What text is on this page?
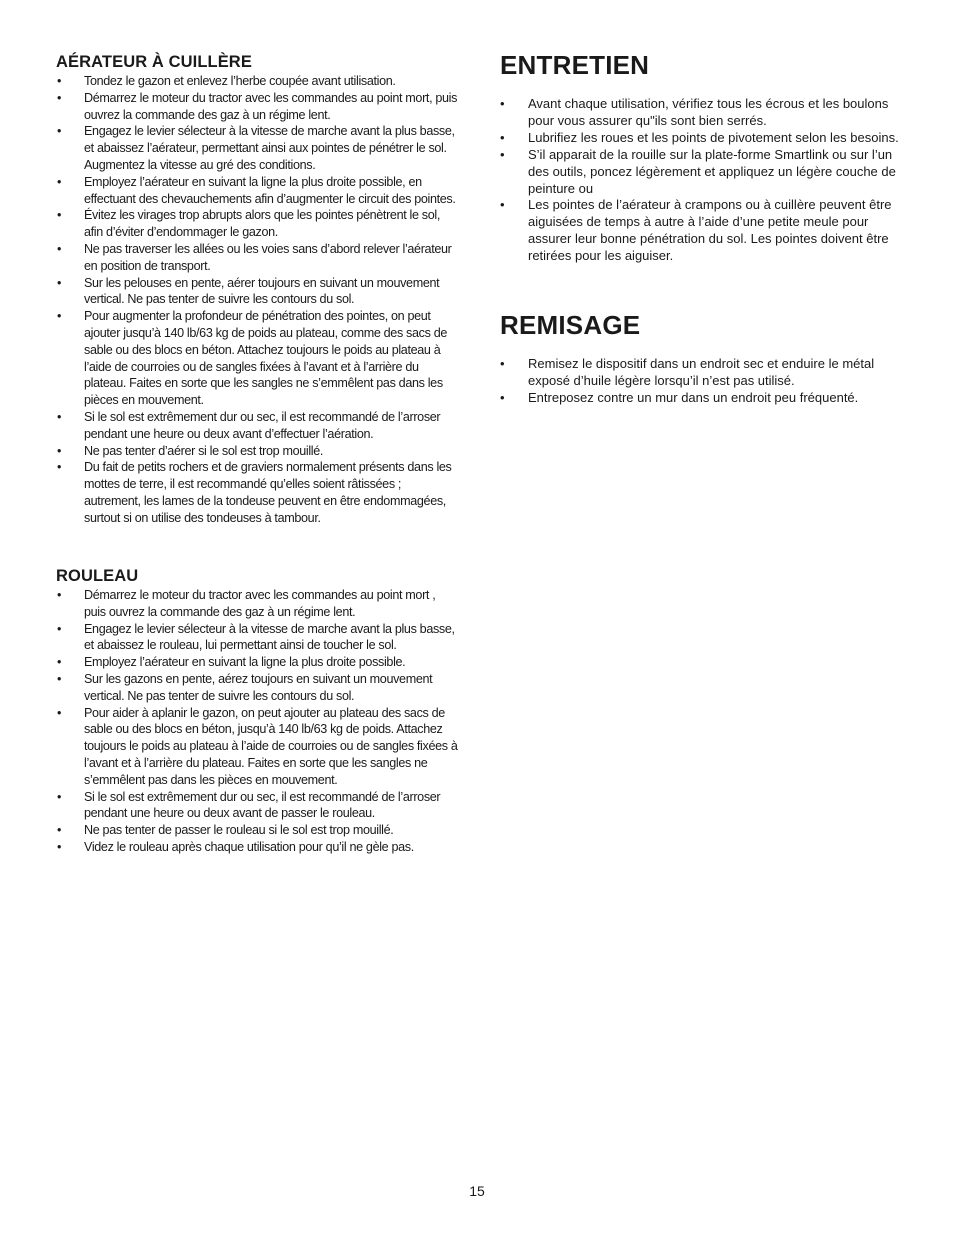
AÉRATEUR À CUILLÈRE
• Tondez le gazon et enlevez l’herbe coupée avant utilisation.
• Démarrez le moteur du tractor avec les commandes au point mort, puis ouvrez la commande des gaz à un régime lent.
• Engagez le levier sélecteur à la vitesse de marche avant la plus basse, et abaissez l’aérateur, permettant ainsi aux pointes de pénétrer le sol. Augmentez la vitesse au gré des conditions.
• Employez l’aérateur en suivant la ligne la plus droite possible, en effectuant des chevauchements afin d’augmenter le circuit des pointes.
• Évitez les virages trop abrupts alors que les pointes pénètrent le sol, afin d’éviter d’endommager le gazon.
• Ne pas traverser les allées ou les voies sans d’abord relever l’aérateur en position de transport.
• Sur les pelouses en pente, aérer toujours en suivant un mouvement vertical. Ne pas tenter de suivre les contours du sol.
• Pour augmenter la profondeur de pénétration des pointes, on peut ajouter jusqu’à 140 lb/63 kg de poids au plateau, comme des sacs de sable ou des blocs en béton. Attachez toujours le poids au plateau à l’aide de courroies ou de sangles fixées à l’avant et à l’arrière du plateau. Faites en sorte que les sangles ne s’emmêlent pas dans les pièces en mouvement.
• Si le sol est extrêmement dur ou sec, il est recommandé de l’arroser pendant une heure ou deux avant d’effectuer l’aération.
• Ne pas tenter d’aérer si le sol est trop mouillé.
• Du fait de petits rochers et de graviers normalement présents dans les mottes de terre, il est recommandé qu’elles soient râtissées ; autrement, les lames de la tondeuse peuvent en être endommagées, surtout si on utilise des tondeuses à tambour.
ROULEAU
• Démarrez le moteur du tractor avec les commandes au point mort , puis ouvrez la commande des gaz à un régime lent.
• Engagez le levier sélecteur à la vitesse de marche avant la plus basse, et abaissez le rouleau, lui permettant ainsi de toucher le sol.
• Employez l’aérateur en suivant la ligne la plus droite possible.
• Sur les gazons en pente, aérez toujours en suivant un mouvement vertical. Ne pas tenter de suivre les contours du sol.
• Pour aider à aplanir le gazon, on peut ajouter au plateau des sacs de sable ou des blocs en béton, jusqu’à 140 lb/63 kg de poids. Attachez toujours le poids au plateau à l’aide de courroies ou de sangles fixées à l’avant et à l’arrière du plateau. Faites en sorte que les sangles ne s’emmêlent pas dans les pièces en mouvement.
• Si le sol est extrêmement dur ou sec, il est recommandé de l’arroser pendant une heure ou deux avant de passer le rouleau.
• Ne pas tenter de passer le rouleau si le sol est trop mouillé.
• Videz le rouleau après chaque utilisation pour qu’il ne gèle pas.
ENTRETIEN
• Avant chaque utilisation, vérifiez tous les écrous et les boulons pour vous assurer qu"ils sont bien serrés.
• Lubrifiez les roues et les points de pivotement selon les besoins.
• S’il apparait de la rouille sur la plate-forme Smartlink ou sur l’un des outils, poncez légèrement et appliquez un légère couche de peinture ou
• Les pointes de l’aérateur à crampons ou à cuillère peuvent être aiguisées de temps à autre à l’aide d’une petite meule pour assurer leur bonne pénétration du sol. Les pointes doivent être retirées pour les aiguiser.
REMISAGE
• Remisez le dispositif dans un endroit sec et enduire le métal exposé d’huile légère lorsqu’il n’est pas utilisé.
• Entreposez contre un mur dans un endroit peu fréquenté.
15
